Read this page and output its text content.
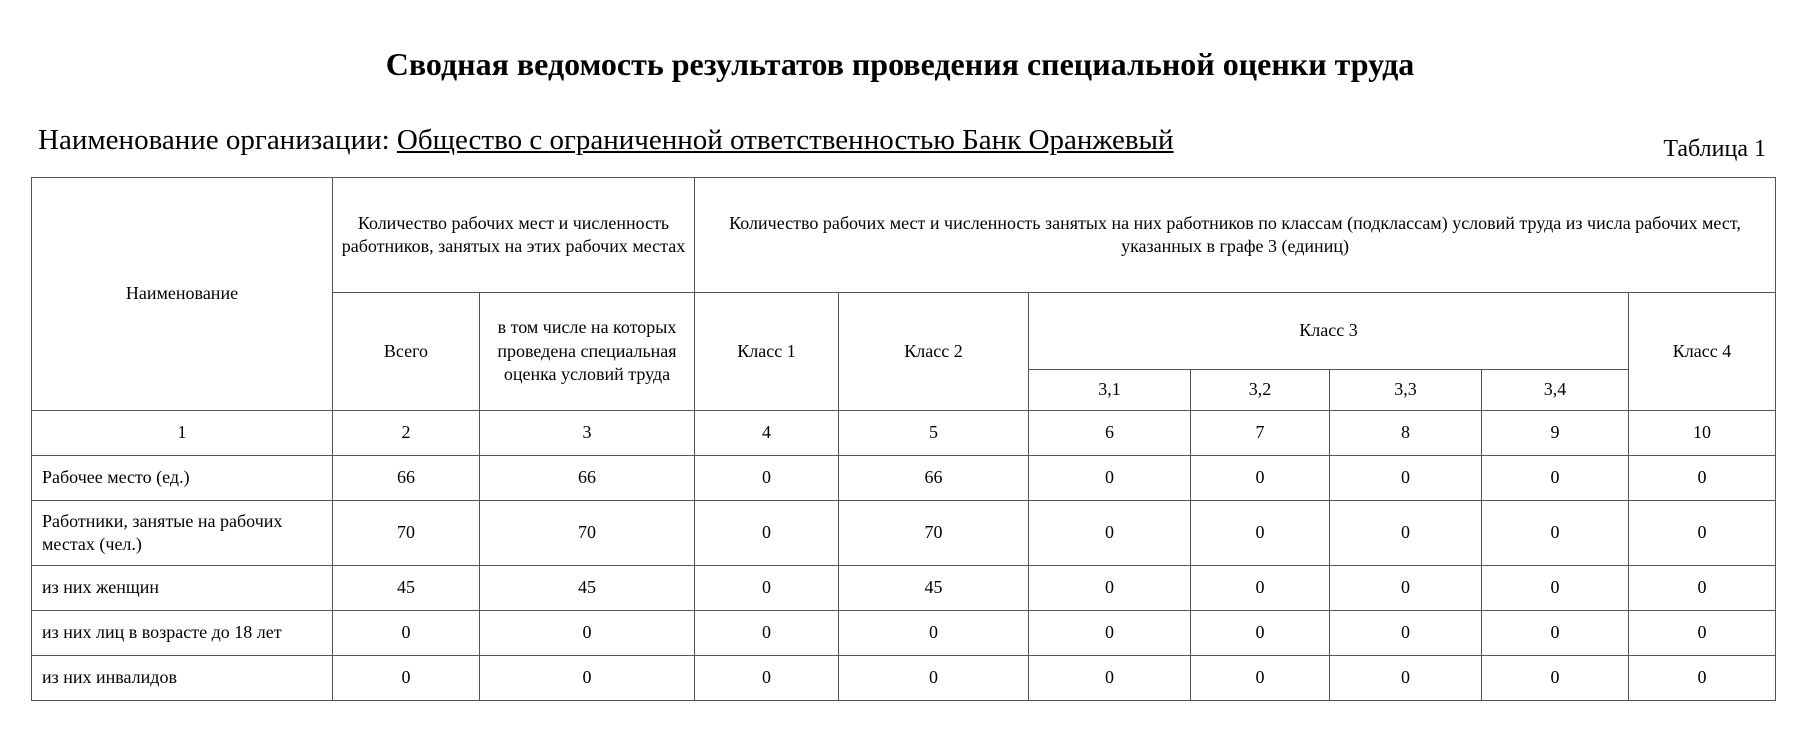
Сводная ведомость результатов проведения специальной оценки труда
Наименование организации: Общество с ограниченной ответственностью Банк Оранжевый	Таблица 1
Наименование	Количество рабочих мест и численность работников, занятых на этих рабочих местах		Количество рабочих мест и численность занятых на них работников по классам (подклассам) условий труда из числа рабочих мест, указанных в графе 3 (единиц)						
	Всего	в том числе на которых проведена специальная оценка условий труда	Класс 1	Класс 2	Класс 3				Класс 4
					3,1	3,2	3,3	3,4	
1	2	3	4	5	6	7	8	9	10
Рабочее место (ед.)	66	66	0	66	0	0	0	0	0
Работники, занятые на рабочих местах (чел.)	70	70	0	70	0	0	0	0	0
из них женщин	45	45	0	45	0	0	0	0	0
из них лиц в возрасте до 18 лет	0	0	0	0	0	0	0	0	0
из них инвалидов	0	0	0	0	0	0	0	0	0
